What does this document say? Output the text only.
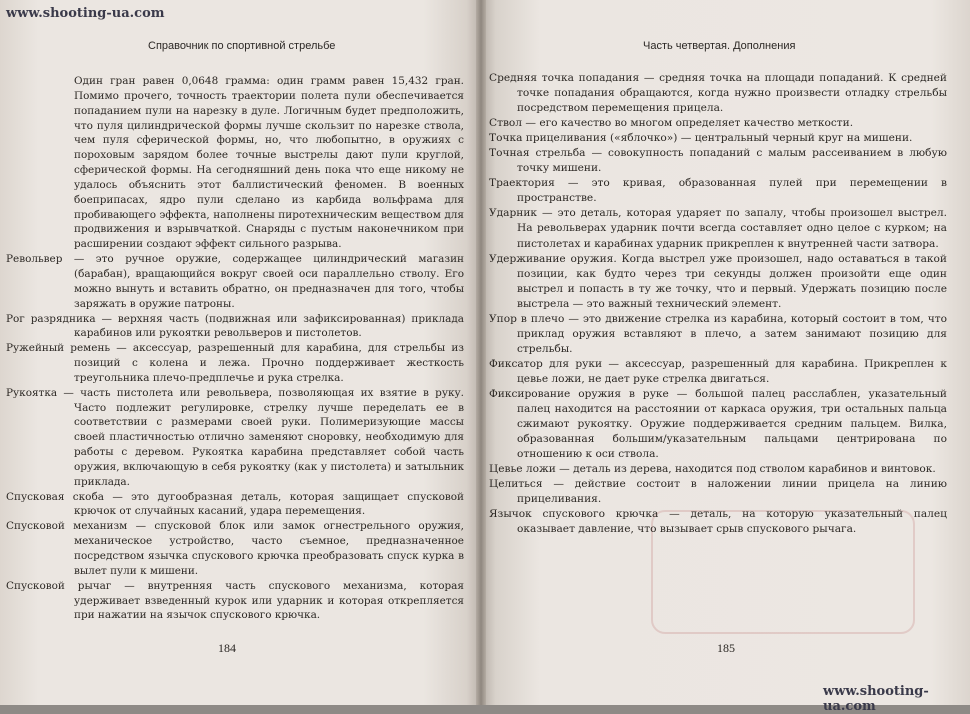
www.shooting-ua.com
Справочник по спортивной стрельбе

Один гран равен 0,0648 грамма: один грамм равен 15,432 гран. Помимо прочего, точность траектории полета пули обеспечивается попаданием пули на нарезку в дуле. Логичным будет предположить, что пуля цилиндрической формы лучше скользит по нарезке ствола, чем пуля сферической формы, но, что любопытно, в оружиях с пороховым зарядом более точные выстрелы дают пули круглой, сферической формы. На сегодняшний день пока что еще никому не удалось объяснить этот баллистический феномен. В военных боеприпасах, ядро пули сделано из карбида вольфрама для пробивающего эффекта, наполнены пиротехническим веществом для продвижения и взрывчаткой. Снаряды с пустым наконечником при расширении создают эффект сильного разрыва.

Револьвер — это ручное оружие, содержащее цилиндрический магазин (барабан), вращающийся вокруг своей оси параллельно стволу. Его можно вынуть и вставить обратно, он предназначен для того, чтобы заряжать в оружие патроны.

Рог разрядника — верхняя часть (подвижная или зафиксированная) приклада карабинов или рукоятки револьверов и пистолетов.

Ружейный ремень — аксессуар, разрешенный для карабина, для стрельбы из позиций с колена и лежа. Прочно поддерживает жесткость треугольника плечо-предплечье и рука стрелка.

Рукоятка — часть пистолета или револьвера, позволяющая их взятие в руку. Часто подлежит регулировке, стрелку лучше переделать ее в соответствии с размерами своей руки. Полимеризующие массы своей пластичностью отлично заменяют сноровку, необходимую для работы с деревом. Рукоятка карабина представляет собой часть оружия, включающую в себя рукоятку (как у пистолета) и затыльник приклада.

Спусковая скоба — это дугообразная деталь, которая защищает спусковой крючок от случайных касаний, удара перемещения.

Спусковой механизм — спусковой блок или замок огнестрельного оружия, механическое устройство, часто съемное, предназначенное посредством язычка спускового крючка преобразовать спуск курка в вылет пули к мишени.

Спусковой рычаг — внутренняя часть спускового механизма, которая удерживает взведенный курок или ударник и которая открепляется при нажатии на язычок спускового крючка.

184
Часть четвертая. Дополнения

Средняя точка попадания — средняя точка на площади попаданий. К средней точке попадания обращаются, когда нужно произвести отладку стрельбы посредством перемещения прицела.

Ствол — его качество во многом определяет качество меткости.

Точка прицеливания («яблочко») — центральный черный круг на мишени.

Точная стрельба — совокупность попаданий с малым рассеиванием в любую точку мишени.

Траектория — это кривая, образованная пулей при перемещении в пространстве.

Ударник — это деталь, которая ударяет по запалу, чтобы произошел выстрел. На револьверах ударник почти всегда составляет одно целое с курком; на пистолетах и карабинах ударник прикреплен к внутренней части затвора.

Удерживание оружия. Когда выстрел уже произошел, надо оставаться в такой позиции, как будто через три секунды должен произойти еще один выстрел и попасть в ту же точку, что и первый. Удержать позицию после выстрела — это важный технический элемент.

Упор в плечо — это движение стрелка из карабина, который состоит в том, что приклад оружия вставляют в плечо, а затем занимают позицию для стрельбы.

Фиксатор для руки — аксессуар, разрешенный для карабина. Прикреплен к цевье ложи, не дает руке стрелка двигаться.

Фиксирование оружия в руке — большой палец расслаблен, указательный палец находится на расстоянии от каркаса оружия, три остальных пальца сжимают рукоятку. Оружие поддерживается средним пальцем. Вилка, образованная большим/указательным пальцами центрирована по отношению к оси ствола.

Цевье ложи — деталь из дерева, находится под стволом карабинов и винтовок.

Целиться — действие состоит в наложении линии прицела на линию прицеливания.

Язычок спускового крючка — деталь, на которую указательный палец оказывает давление, что вызывает срыв спускового рычага.

185
www.shooting-ua.com
